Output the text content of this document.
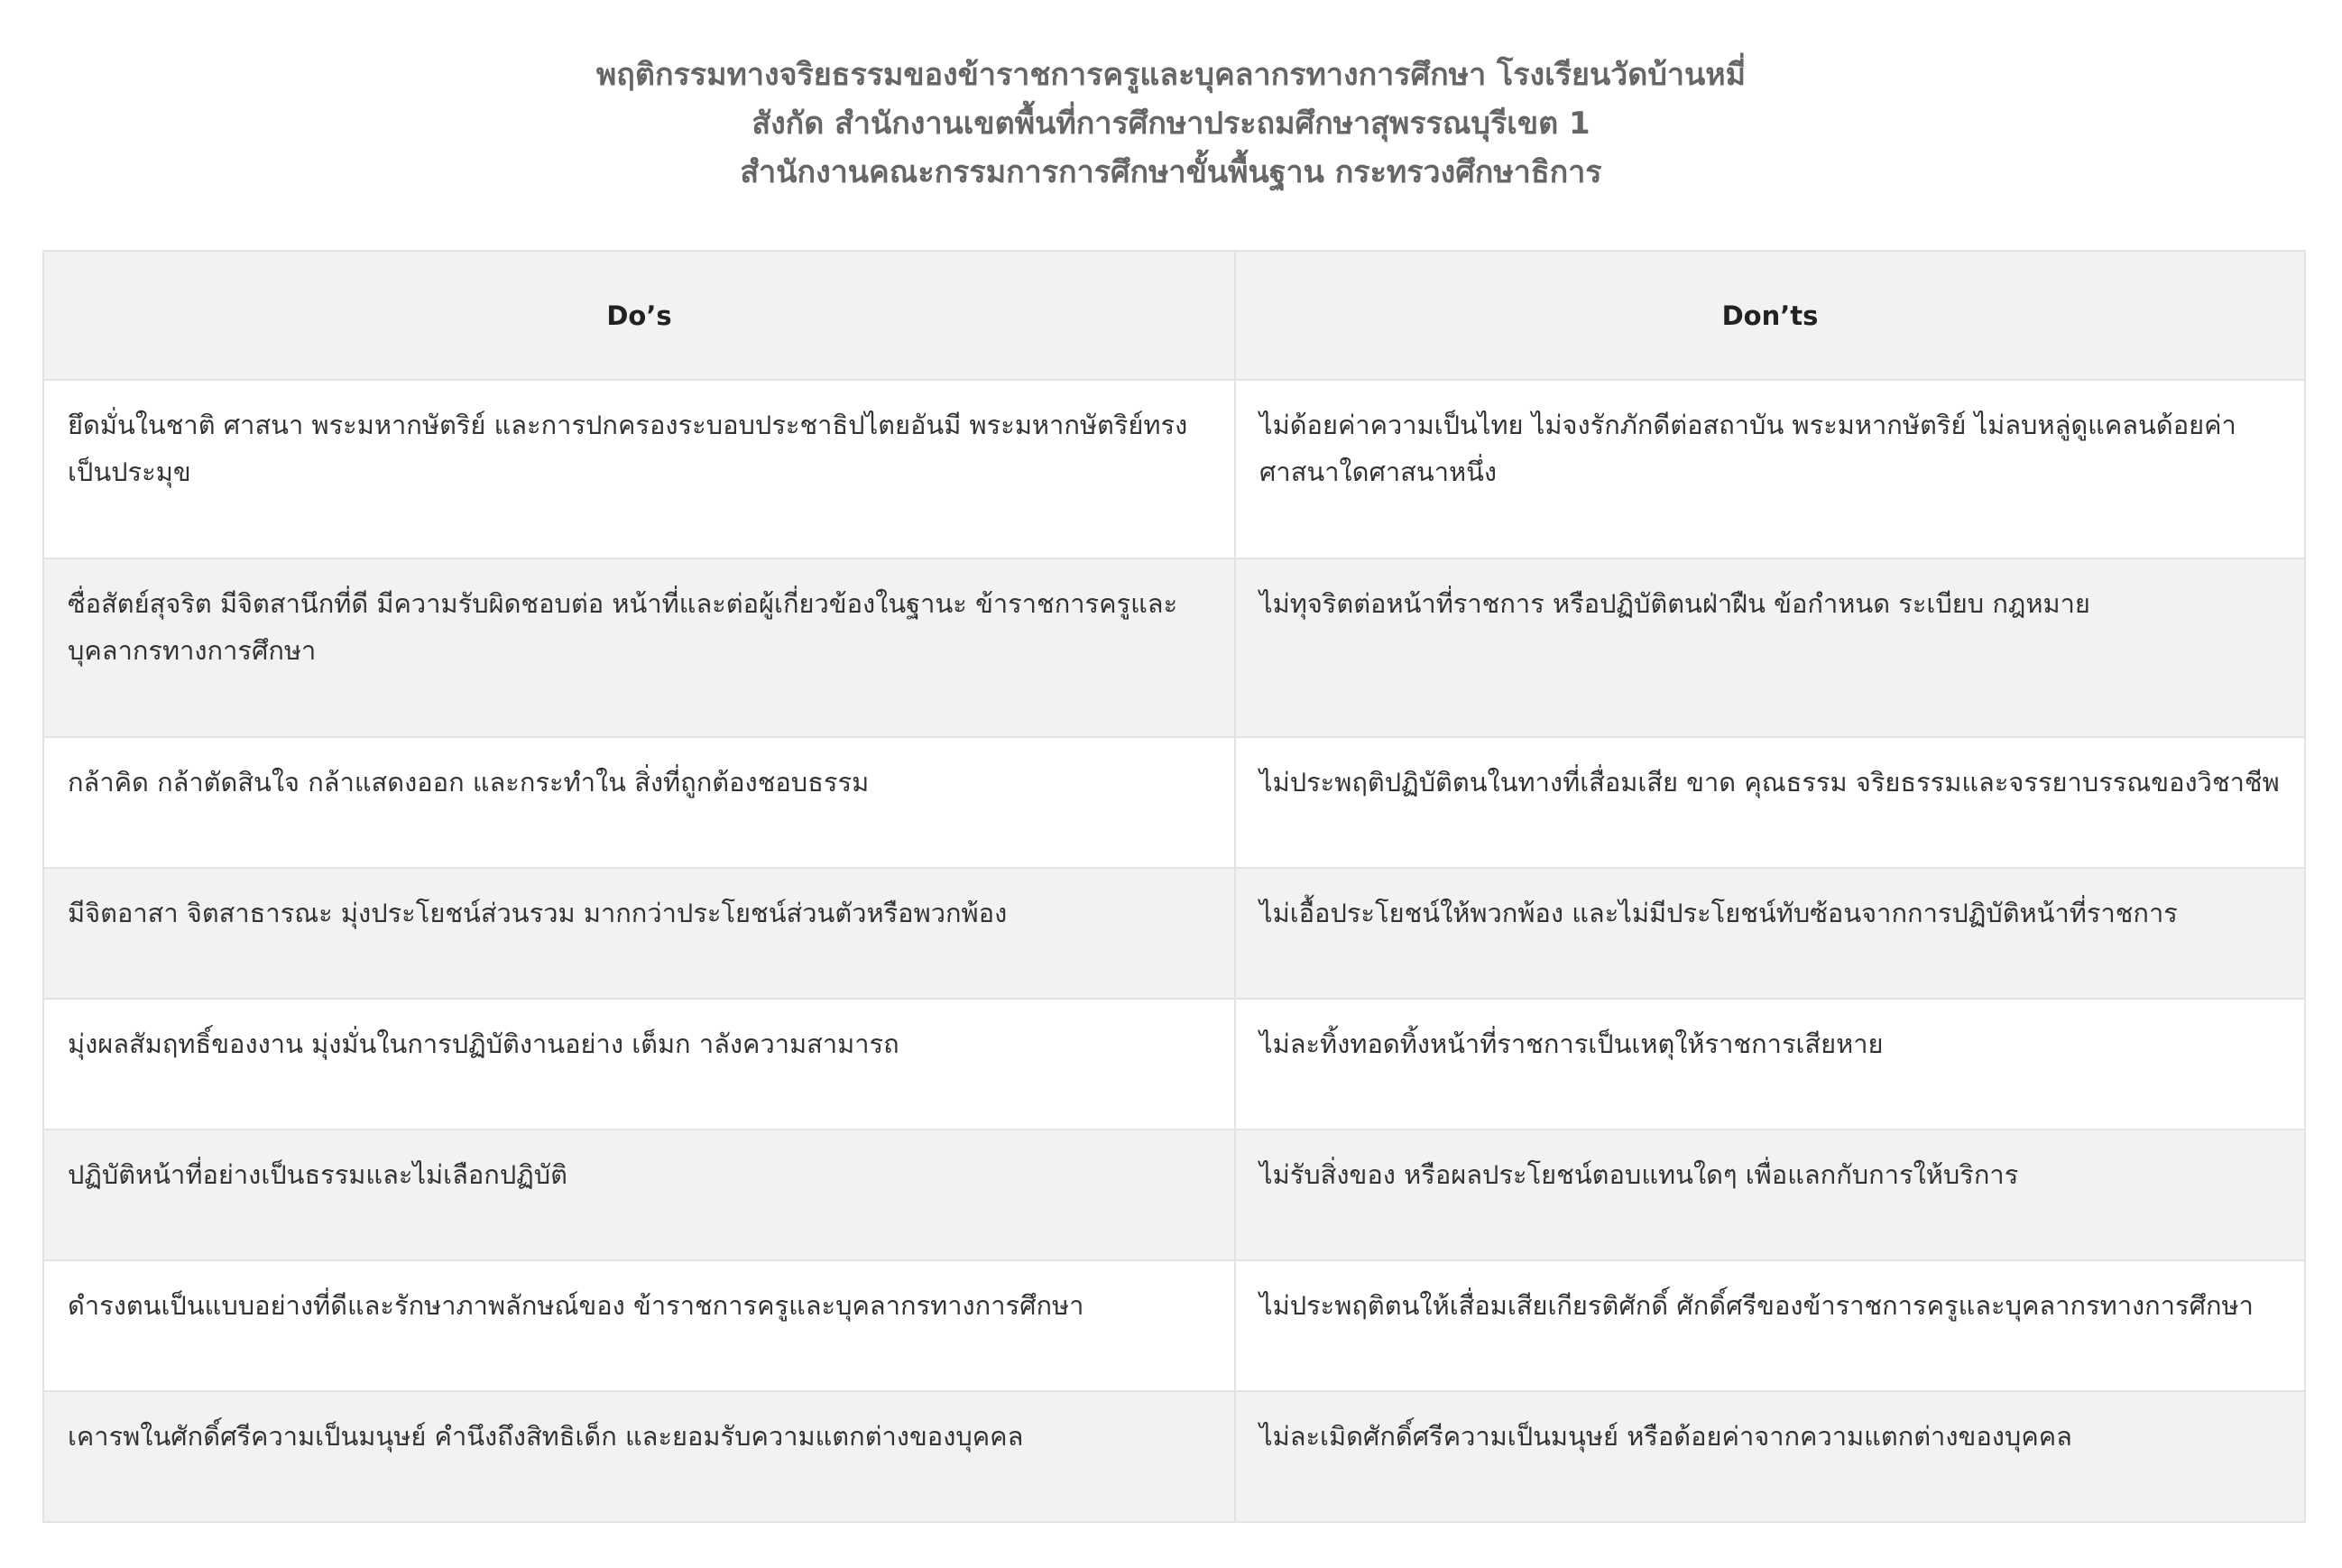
พฤติกรรมทางจริยธรรมของข้าราชการครูและบุคลากรทางการศึกษา โรงเรียนวัดบ้านหมี่
สังกัด สำนักงานเขตพื้นที่การศึกษาประถมศึกษาสุพรรณบุรีเขต 1
สำนักงานคณะกรรมการการศึกษาขั้นพื้นฐาน กระทรวงศึกษาธิการ
Do’s	Don’ts
ยึดมั่นในชาติ ศาสนา พระมหากษัตริย์ และการปกครองระบอบประชาธิปไตยอันมี พระมหากษัตริย์ทรงเป็นประมุข	ไม่ด้อยค่าความเป็นไทย ไม่จงรักภักดีต่อสถาบัน พระมหากษัตริย์ ไม่ลบหลู่ดูแคลนด้อยค่าศาสนาใดศาสนาหนึ่ง
ซื่อสัตย์สุจริต มีจิตสานึกที่ดี มีความรับผิดชอบต่อ หน้าที่และต่อผู้เกี่ยวข้องในฐานะ ข้าราชการครูและบุคลากรทางการศึกษา	ไม่ทุจริตต่อหน้าที่ราชการ หรือปฏิบัติตนฝ่าฝืน ข้อกำหนด ระเบียบ กฎหมาย
กล้าคิด กล้าตัดสินใจ กล้าแสดงออก และกระทำใน สิ่งที่ถูกต้องชอบธรรม	ไม่ประพฤติปฏิบัติตนในทางที่เสื่อมเสีย ขาด คุณธรรม จริยธรรมและจรรยาบรรณของวิชาชีพ
มีจิตอาสา จิตสาธารณะ มุ่งประโยชน์ส่วนรวม มากกว่าประโยชน์ส่วนตัวหรือพวกพ้อง	ไม่เอื้อประโยชน์ให้พวกพ้อง และไม่มีประโยชน์ทับซ้อนจากการปฏิบัติหน้าที่ราชการ
มุ่งผลสัมฤทธิ์ของงาน มุ่งมั่นในการปฏิบัติงานอย่าง เต็มก าลังความสามารถ	ไม่ละทิ้งทอดทิ้งหน้าที่ราชการเป็นเหตุให้ราชการเสียหาย
ปฏิบัติหน้าที่อย่างเป็นธรรมและไม่เลือกปฏิบัติ	ไม่รับสิ่งของ หรือผลประโยชน์ตอบแทนใดๆ เพื่อแลกกับการให้บริการ
ดำรงตนเป็นแบบอย่างที่ดีและรักษาภาพลักษณ์ของ ข้าราชการครูและบุคลากรทางการศึกษา	ไม่ประพฤติตนให้เสื่อมเสียเกียรติศักดิ์ ศักดิ์ศรีของข้าราชการครูและบุคลากรทางการศึกษา
เคารพในศักดิ์ศรีความเป็นมนุษย์ คำนึงถึงสิทธิเด็ก และยอมรับความแตกต่างของบุคคล	ไม่ละเมิดศักดิ์ศรีความเป็นมนุษย์ หรือด้อยค่าจากความแตกต่างของบุคคล
